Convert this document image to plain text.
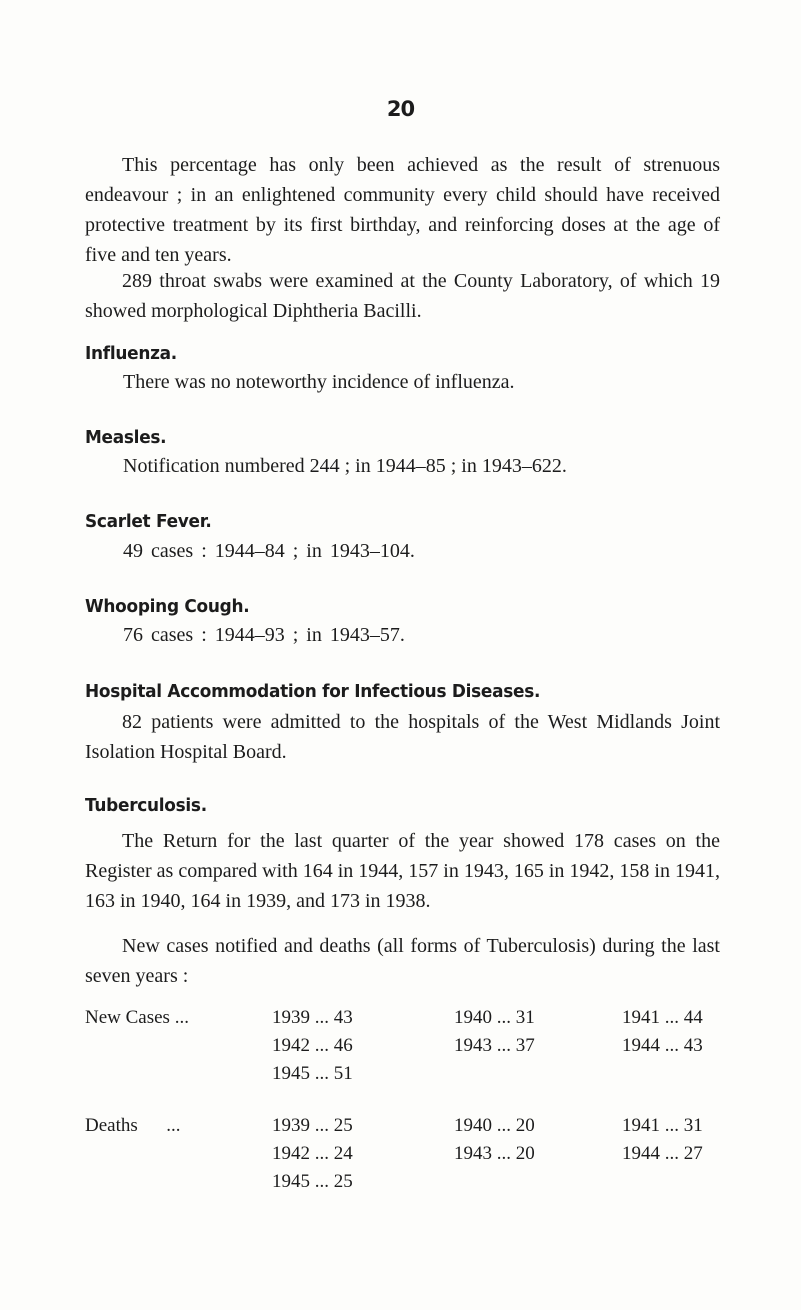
20

This percentage has only been achieved as the result of strenuous endeavour ; in an enlightened community every child should have received protective treatment by its first birthday, and reinforcing doses at the age of five and ten years.

289 throat swabs were examined at the County Laboratory, of which 19 showed morphological Diphtheria Bacilli.

Influenza.
There was no noteworthy incidence of influenza.
Measles.
Notification numbered 244 ; in 1944–85 ; in 1943–622.
Scarlet Fever.
49 cases : 1944–84 ; in 1943–104.
Whooping Cough.
76 cases : 1944–93 ; in 1943–57.
Hospital Accommodation for Infectious Diseases.

82 patients were admitted to the hospitals of the West Midlands Joint Isolation Hospital Board.

Tuberculosis.

The Return for the last quarter of the year showed 178 cases on the Register as compared with 164 in 1944, 157 in 1943, 165 in 1942, 158 in 1941, 163 in 1940, 164 in 1939, and 173 in 1938.

New cases notified and deaths (all forms of Tuberculosis) during the last seven years :

New Cases ...	1939 ... 43	1940 ... 31	1941 ... 44
1942 ... 46	1943 ... 37	1944 ... 43
1945 ... 51
Deaths      ...	1939 ... 25	1940 ... 20	1941 ... 31
1942 ... 24	1943 ... 20	1944 ... 27
1945 ... 25
